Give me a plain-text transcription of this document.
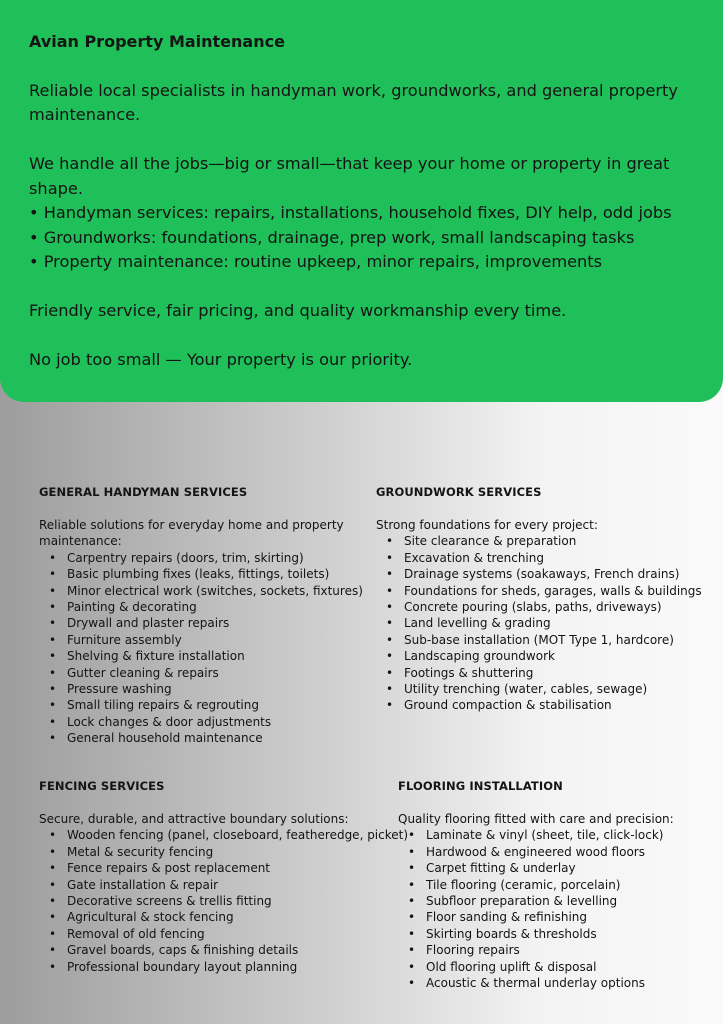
Avian Property Maintenance

Reliable local specialists in handyman work, groundworks, and general property maintenance.

We handle all the jobs—big or small—that keep your home or property in great shape.

• Handyman services: repairs, installations, household fixes, DIY help, odd jobs

• Groundworks: foundations, drainage, prep work, small landscaping tasks

• Property maintenance: routine upkeep, minor repairs, improvements

Friendly service, fair pricing, and quality workmanship every time.

No job too small — Your property is our priority.

GENERAL HANDYMAN SERVICES

Reliable solutions for everyday home and property maintenance:

• Carpentry repairs (doors, trim, skirting)
• Basic plumbing fixes (leaks, fittings, toilets)
• Minor electrical work (switches, sockets, fixtures)
• Painting & decorating
• Drywall and plaster repairs
• Furniture assembly
• Shelving & fixture installation
• Gutter cleaning & repairs
• Pressure washing
• Small tiling repairs & regrouting
• Lock changes & door adjustments
• General household maintenance
GROUNDWORK SERVICES

Strong foundations for every project:

• Site clearance & preparation
• Excavation & trenching
• Drainage systems (soakaways, French drains)
• Foundations for sheds, garages, walls & buildings
• Concrete pouring (slabs, paths, driveways)
• Land levelling & grading
• Sub-base installation (MOT Type 1, hardcore)
• Landscaping groundwork
• Footings & shuttering
• Utility trenching (water, cables, sewage)
• Ground compaction & stabilisation
FENCING SERVICES

Secure, durable, and attractive boundary solutions:

• Wooden fencing (panel, closeboard, featheredge, picket)
• Metal & security fencing
• Fence repairs & post replacement
• Gate installation & repair
• Decorative screens & trellis fitting
• Agricultural & stock fencing
• Removal of old fencing
• Gravel boards, caps & finishing details
• Professional boundary layout planning
FLOORING INSTALLATION

Quality flooring fitted with care and precision:

• Laminate & vinyl (sheet, tile, click-lock)
• Hardwood & engineered wood floors
• Carpet fitting & underlay
• Tile flooring (ceramic, porcelain)
• Subfloor preparation & levelling
• Floor sanding & refinishing
• Skirting boards & thresholds
• Flooring repairs
• Old flooring uplift & disposal
• Acoustic & thermal underlay options
